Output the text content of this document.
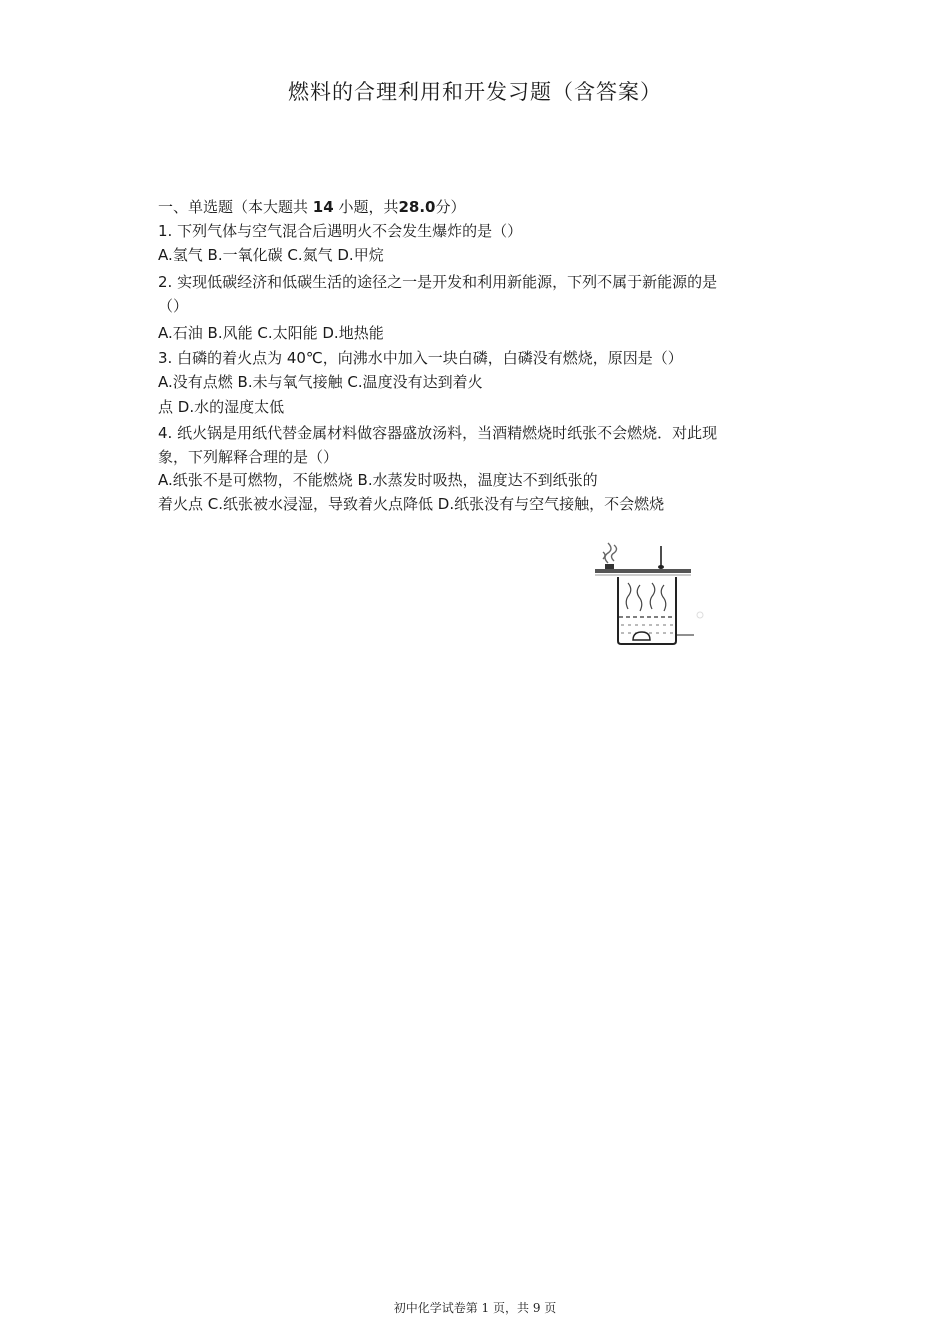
燃料的合理利用和开发习题（含答案）
一、单选题（本大题共 14 小题，共28.0分）
1. 下列气体与空气混合后遇明火不会发生爆炸的是（）
A.氢气 B.一氧化碳 C.氮气 D.甲烷
2. 实现低碳经济和低碳生活的途径之一是开发和利用新能源，下列不属于新能源的是
（）
A.石油 B.风能 C.太阳能 D.地热能
3. 白磷的着火点为 40℃，向沸水中加入一块白磷，白磷没有燃烧，原因是（）
A.没有点燃 B.未与氧气接触 C.温度没有达到着火
点 D.水的湿度太低
4. 纸火锅是用纸代替金属材料做容器盛放汤料，当酒精燃烧时纸张不会燃烧．对此现
象，下列解释合理的是（）
A.纸张不是可燃物，不能燃烧 B.水蒸发时吸热，温度达不到纸张的
着火点 C.纸张被水浸湿，导致着火点降低 D.纸张没有与空气接触，不会燃烧
初中化学试卷第 1 页，共 9 页
